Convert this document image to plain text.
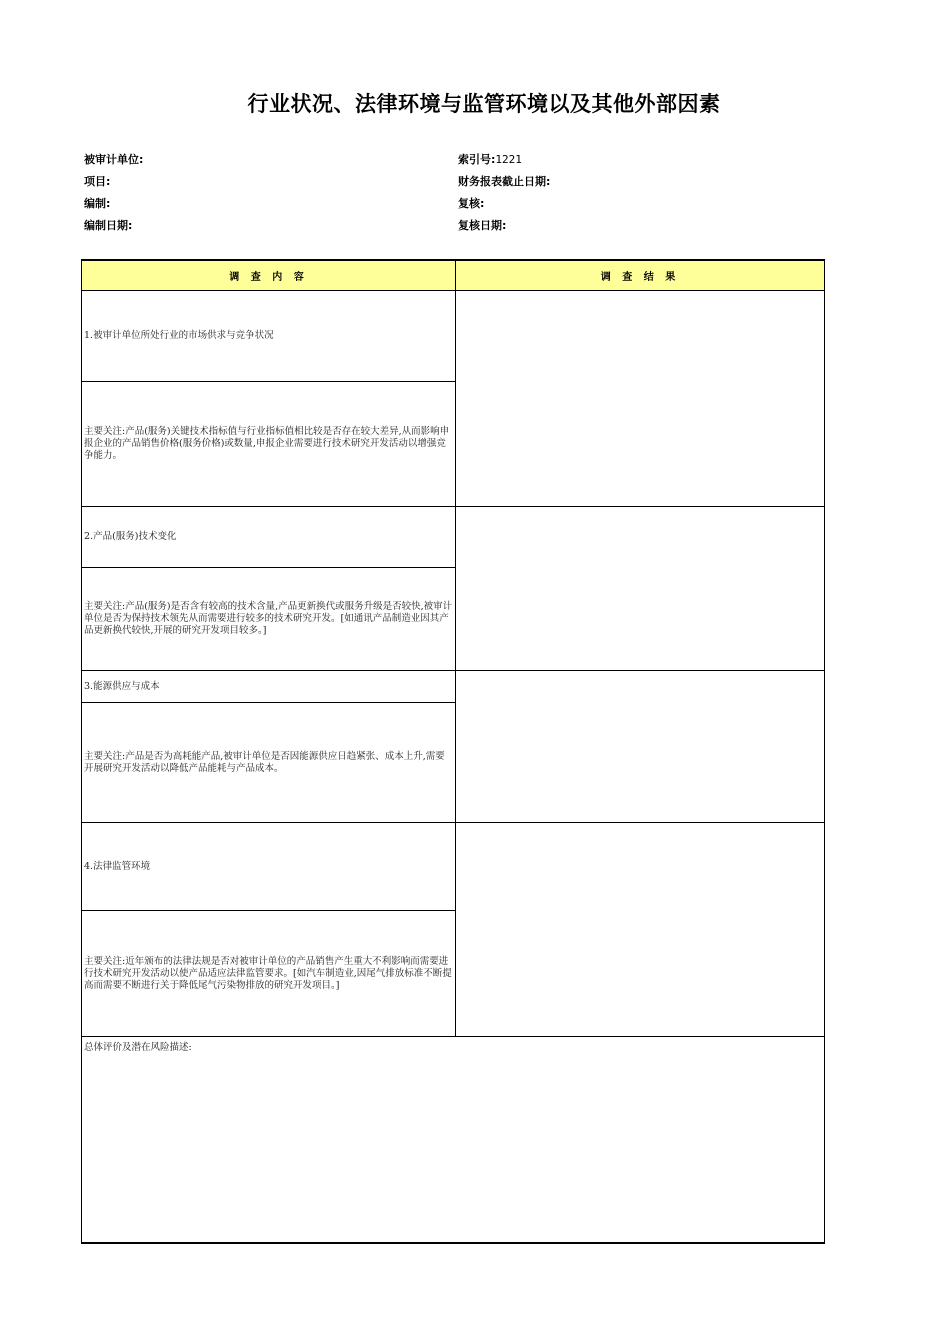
行业状况、法律环境与监管环境以及其他外部因素
被审计单位:	索引号:1221
项目:	财务报表截止日期:
编制:	复核:
编制日期:	复核日期:
调 查 内 容	调 查 结 果
1.被审计单位所处行业的市场供求与竞争状况
主要关注:产品(服务)关键技术指标值与行业指标值相比较是否存在较大差异,从而影响申报企业的产品销售价格(服务价格)或数量,申报企业需要进行技术研究开发活动以增强竞争能力。
2.产品(服务)技术变化
主要关注:产品(服务)是否含有较高的技术含量,产品更新换代或服务升级是否较快,被审计单位是否为保持技术领先从而需要进行较多的技术研究开发。[如通讯产品制造业因其产品更新换代较快,开展的研究开发项目较多。]
3.能源供应与成本
主要关注:产品是否为高耗能产品,被审计单位是否因能源供应日趋紧张、成本上升,需要开展研究开发活动以降低产品能耗与产品成本。
4.法律监管环境
主要关注:近年颁布的法律法规是否对被审计单位的产品销售产生重大不利影响而需要进行技术研究开发活动以使产品适应法律监管要求。[如汽车制造业,因尾气排放标准不断提高而需要不断进行关于降低尾气污染物排放的研究开发项目。]
总体评价及潜在风险描述:
